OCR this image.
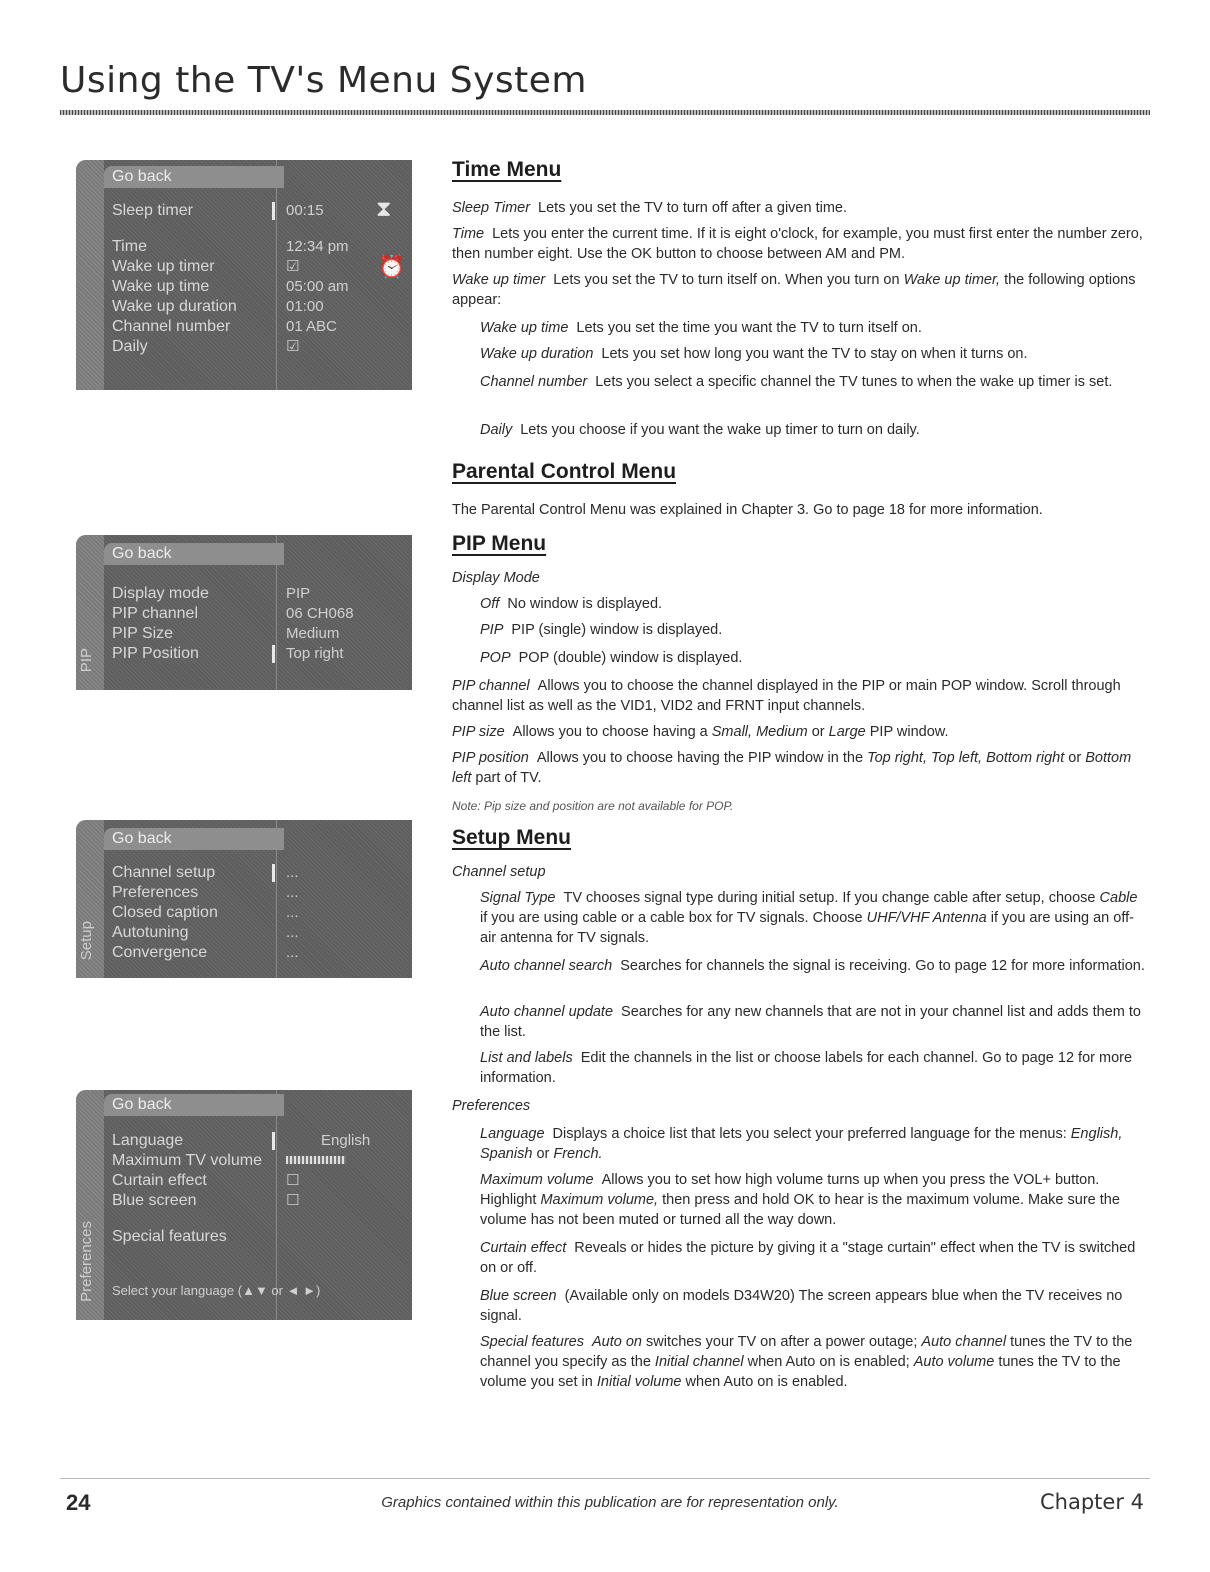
Using the TV's Menu System
Go back
Sleep timer	00:15 ⧗
Time	12:34 pm
Wake up timer	☑	⏰
Wake up time	05:00 am
Wake up duration	01:00
Channel number	01 ABC
Daily	☑
PIP
Go back
Display mode	PIP
PIP channel	06 CH068
PIP Size	Medium
PIP Position	Top right
Setup
Go back
Channel setup	...
Preferences	...
Closed caption	...
Autotuning	...
Convergence	...
Preferences
Go back
Language	English
Maximum TV volume
Curtain effect	☐
Blue screen	☐
Special features
Select your language (▲▼ or ◄ ►)
Time Menu
Sleep Timer Lets you set the TV to turn off after a given time.
Time Lets you enter the current time. If it is eight o'clock, for example, you must first enter the number zero, then number eight. Use the OK button to choose between AM and PM.
Wake up timer Lets you set the TV to turn itself on. When you turn on Wake up timer, the following options appear:
Wake up time Lets you set the time you want the TV to turn itself on.
Wake up duration Lets you set how long you want the TV to stay on when it turns on.
Channel number Lets you select a specific channel the TV tunes to when the wake up timer is set.
Daily Lets you choose if you want the wake up timer to turn on daily.
Parental Control Menu
The Parental Control Menu was explained in Chapter 3. Go to page 18 for more information.
PIP Menu
Display Mode
Off No window is displayed.
PIP PIP (single) window is displayed.
POP POP (double) window is displayed.
PIP channel Allows you to choose the channel displayed in the PIP or main POP window. Scroll through channel list as well as the VID1, VID2 and FRNT input channels.
PIP size Allows you to choose having a Small, Medium or Large PIP window.
PIP position Allows you to choose having the PIP window in the Top right, Top left, Bottom right or Bottom left part of TV.
Note: Pip size and position are not available for POP.
Setup Menu
Channel setup
Signal Type TV chooses signal type during initial setup. If you change cable after setup, choose Cable if you are using cable or a cable box for TV signals. Choose UHF/VHF Antenna if you are using an off-air antenna for TV signals.
Auto channel search Searches for channels the signal is receiving. Go to page 12 for more information.
Auto channel update Searches for any new channels that are not in your channel list and adds them to the list.
List and labels Edit the channels in the list or choose labels for each channel. Go to page 12 for more information.
Preferences
Language Displays a choice list that lets you select your preferred language for the menus: English, Spanish or French.
Maximum volume Allows you to set how high volume turns up when you press the VOL+ button. Highlight Maximum volume, then press and hold OK to hear is the maximum volume. Make sure the volume has not been muted or turned all the way down.
Curtain effect Reveals or hides the picture by giving it a "stage curtain" effect when the TV is switched on or off.
Blue screen (Available only on models D34W20) The screen appears blue when the TV receives no signal.
Special features Auto on switches your TV on after a power outage; Auto channel tunes the TV to the channel you specify as the Initial channel when Auto on is enabled; Auto volume tunes the TV to the volume you set in Initial volume when Auto on is enabled.
24	Graphics contained within this publication are for representation only.	Chapter 4
